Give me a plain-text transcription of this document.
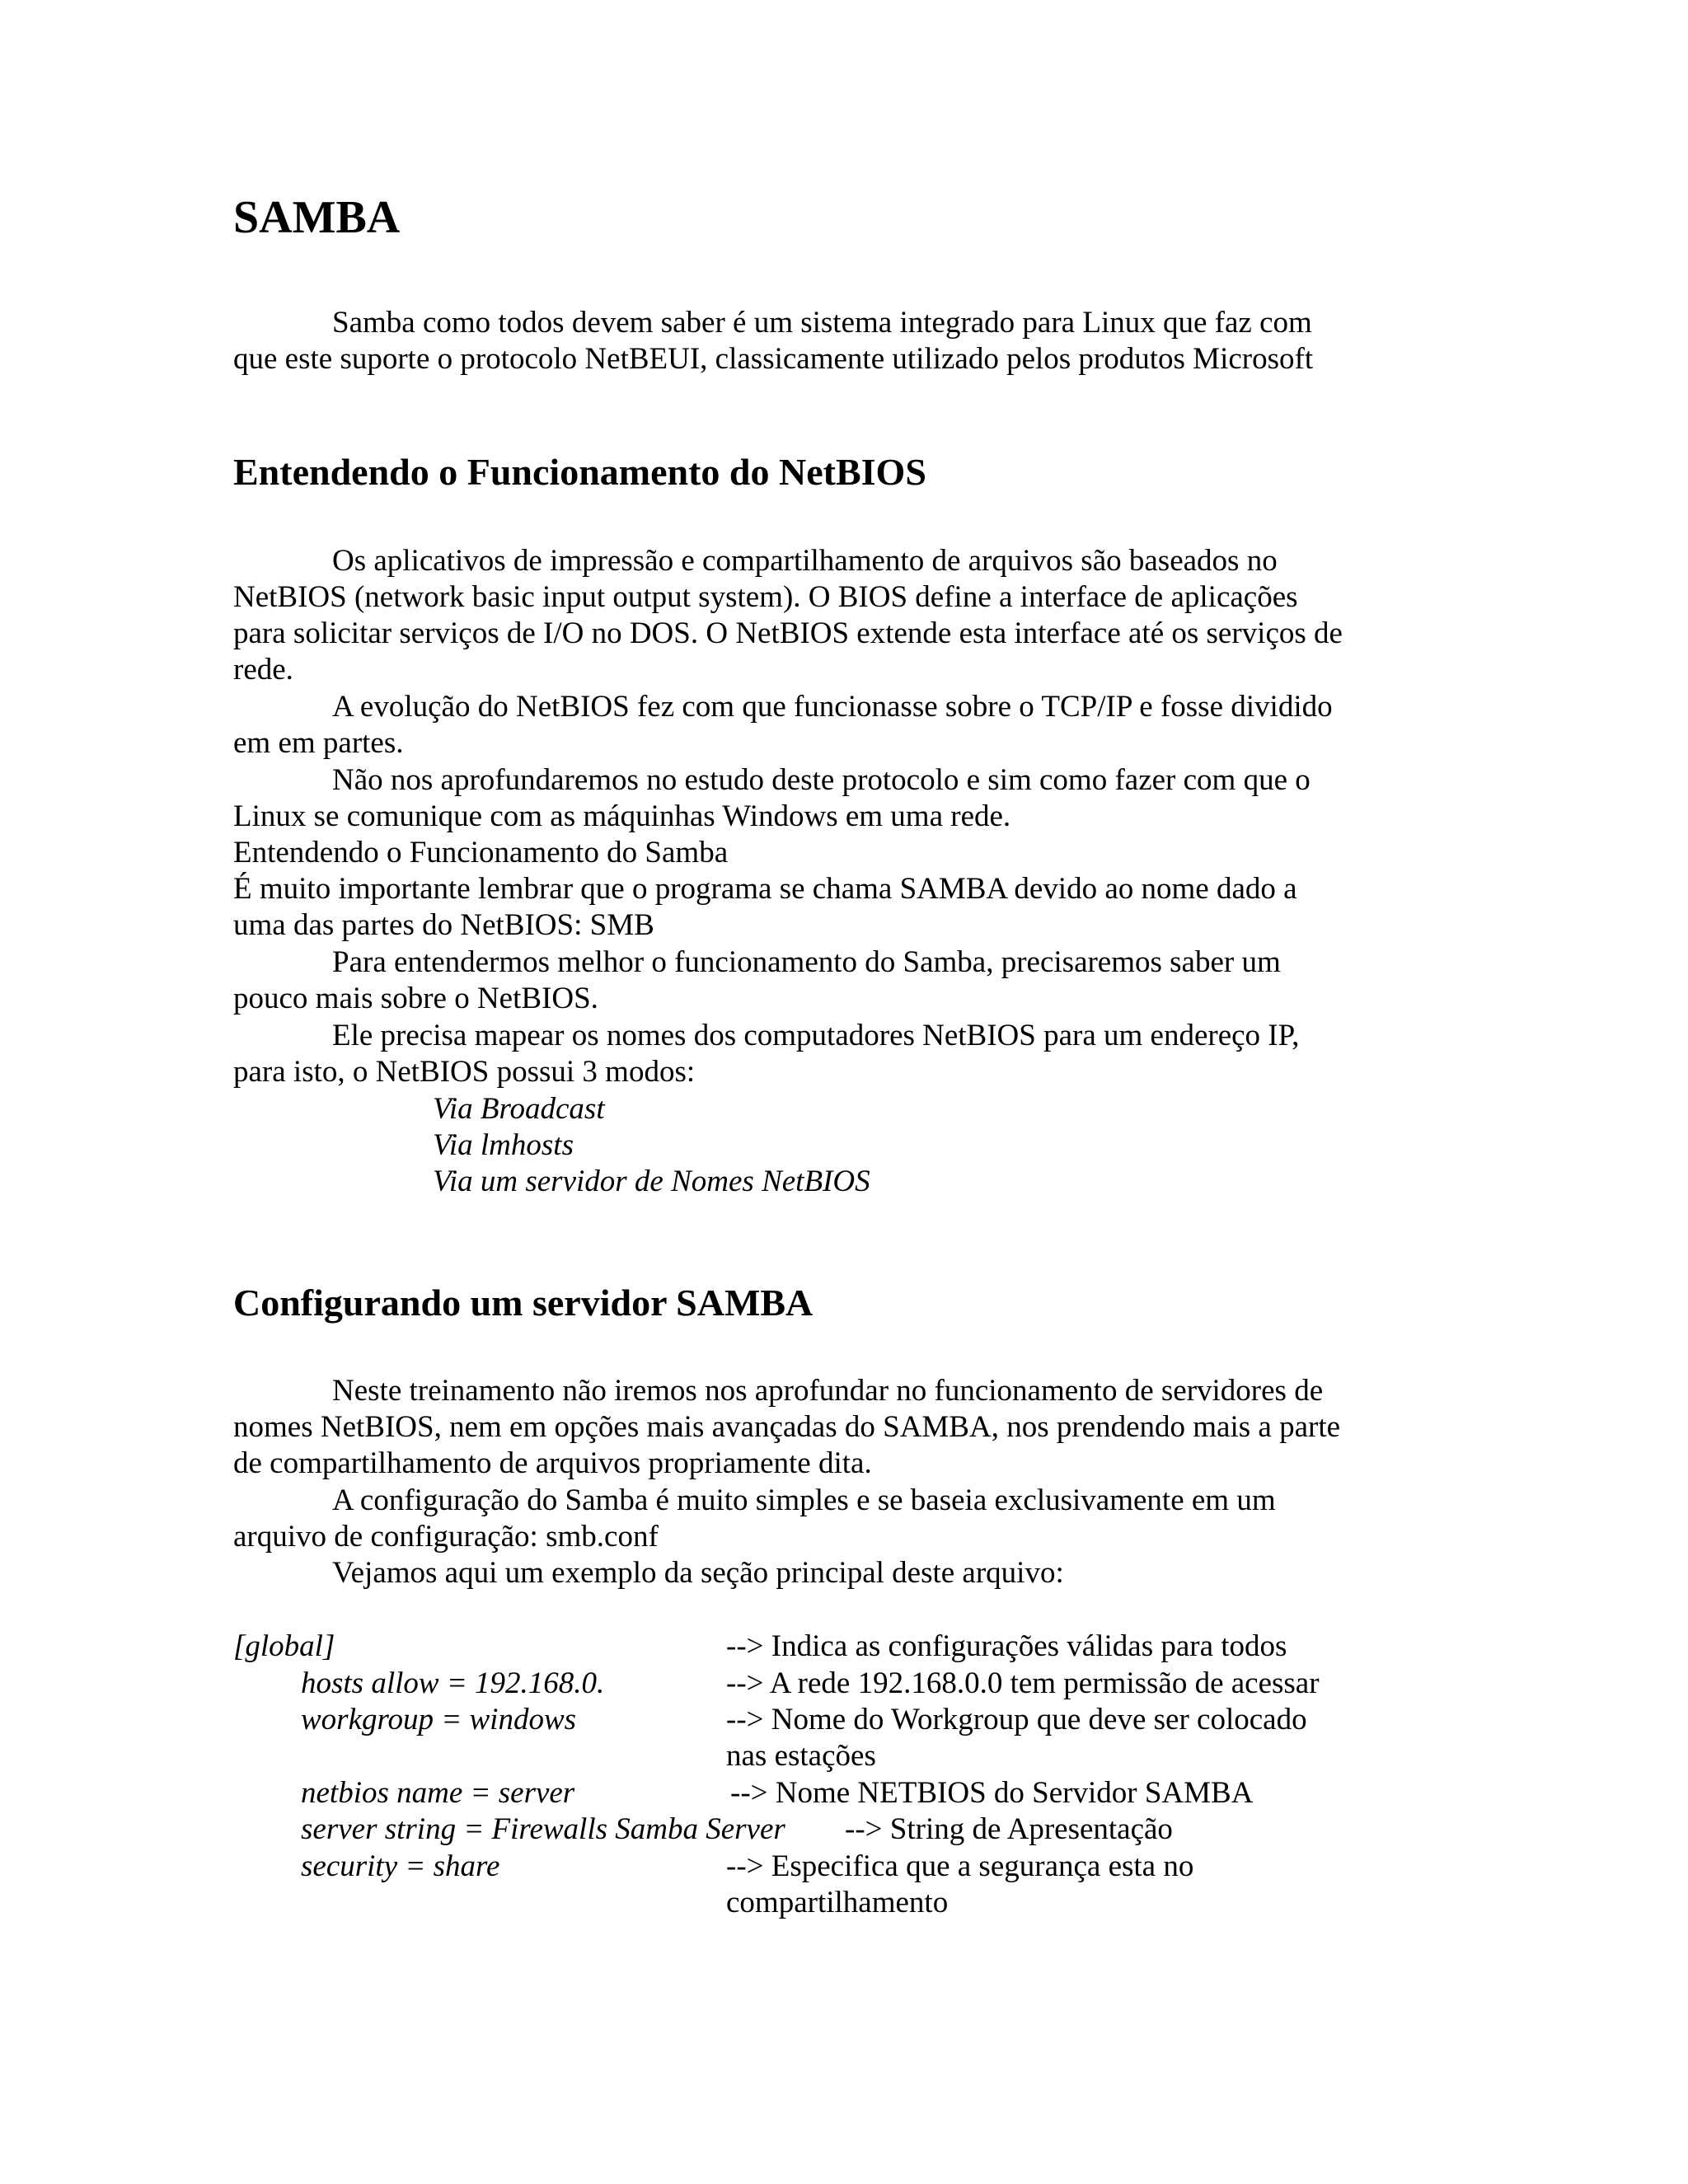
SAMBA
Samba como todos devem saber é um sistema integrado para Linux que faz com
que este suporte o protocolo NetBEUI, classicamente utilizado pelos produtos Microsoft
Entendendo o Funcionamento do NetBIOS
Os aplicativos de impressão e compartilhamento de arquivos são baseados no
NetBIOS (network basic input output system). O BIOS define a interface de aplicações
para solicitar serviços de I/O no DOS. O NetBIOS extende esta interface até os serviços de
rede.
A evolução do NetBIOS fez com que funcionasse sobre o TCP/IP e fosse dividido
em em partes.
Não nos aprofundaremos no estudo deste protocolo e sim como fazer com que o
Linux se comunique com as máquinhas Windows em uma rede.
Entendendo o Funcionamento do Samba
É muito importante lembrar que o programa se chama SAMBA devido ao nome dado a
uma das partes do NetBIOS: SMB
Para entendermos melhor o funcionamento do Samba, precisaremos saber um
pouco mais sobre o NetBIOS.
Ele precisa mapear os nomes dos computadores NetBIOS para um endereço IP,
para isto, o NetBIOS possui 3 modos:
Via Broadcast
Via lmhosts
Via um servidor de Nomes NetBIOS
Configurando um servidor SAMBA
Neste treinamento não iremos nos aprofundar no funcionamento de servidores de
nomes NetBIOS, nem em opções mais avançadas do SAMBA, nos prendendo mais a parte
de compartilhamento de arquivos propriamente dita.
A configuração do Samba é muito simples e se baseia exclusivamente em um
arquivo de configuração: smb.conf
Vejamos aqui um exemplo da seção principal deste arquivo:
[global]	--> Indica as configurações válidas para todos
hosts allow = 192.168.0.	--> A rede 192.168.0.0 tem permissão de acessar
workgroup = windows	--> Nome do Workgroup que deve ser colocado
nas estações
netbios name = server	--> Nome NETBIOS do Servidor SAMBA
server string = Firewalls Samba Server --> String de Apresentação
security = share	--> Especifica que a segurança esta no
compartilhamento
